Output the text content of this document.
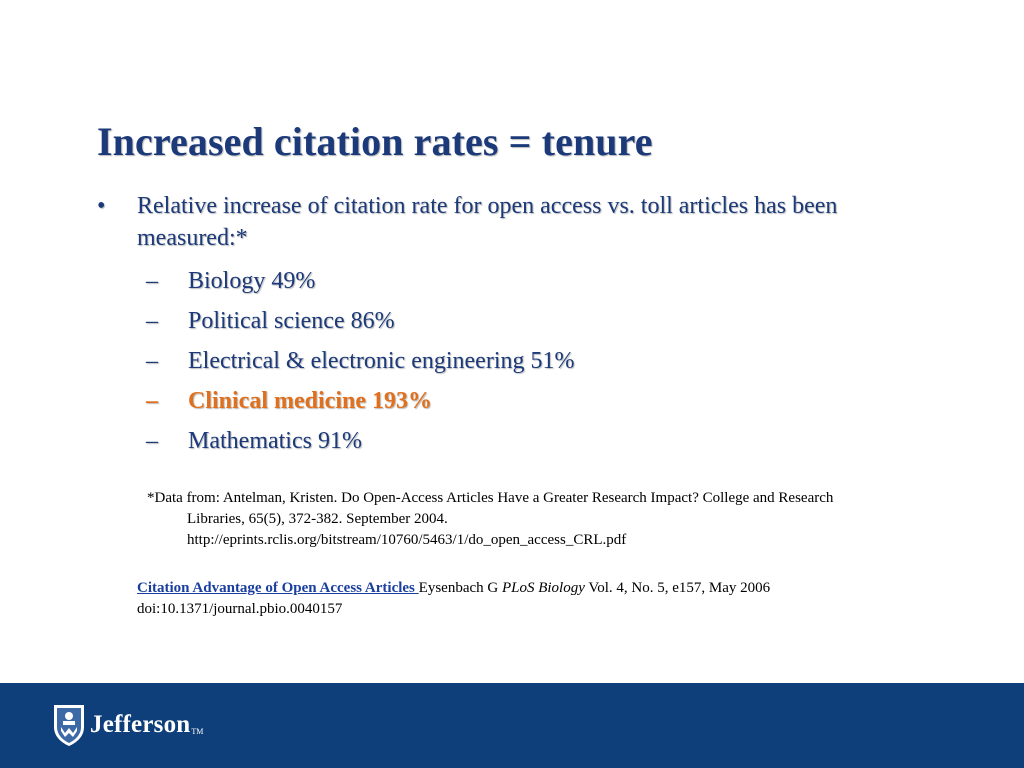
Increased citation rates = tenure
• Relative increase of citation rate for open access vs. toll articles has been measured:*
– Biology 49%
– Political science 86%
– Electrical & electronic engineering 51%
– Clinical medicine 193%
– Mathematics 91%
*Data from: Antelman, Kristen. Do Open-Access Articles Have a Greater Research Impact? College and Research
Libraries, 65(5), 372-382. September 2004.
http://eprints.rclis.org/bitstream/10760/5463/1/do_open_access_CRL.pdf
Citation Advantage of Open Access Articles Eysenbach G PLoS Biology Vol. 4, No. 5, e157, May 2006
doi:10.1371/journal.pbio.0040157
Jefferson TM
